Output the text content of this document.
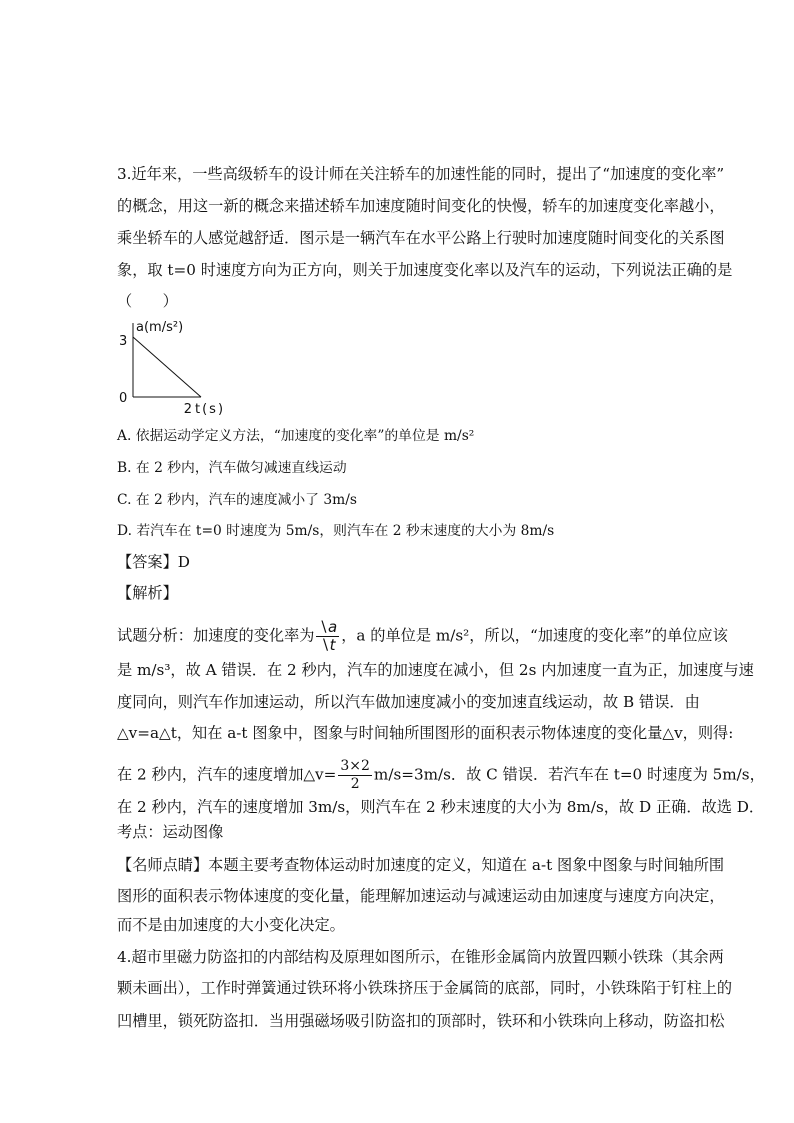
3.近年来，一些高级轿车的设计师在关注轿车的加速性能的同时，提出了“加速度的变化率”
的概念，用这一新的概念来描述轿车加速度随时间变化的快慢，轿车的加速度变化率越小，
乘坐轿车的人感觉越舒适．图示是一辆汽车在水平公路上行驶时加速度随时间变化的关系图
象，取 t=0 时速度方向为正方向，则关于加速度变化率以及汽车的运动，下列说法正确的是
（　　）
a(m/s²)
t(s)
3
0
2
A. 依据运动学定义方法，“加速度的变化率”的单位是 m/s²
B. 在 2 秒内，汽车做匀减速直线运动
C. 在 2 秒内，汽车的速度减小了 3m/s
D. 若汽车在 t=0 时速度为 5m/s，则汽车在 2 秒末速度的大小为 8m/s
【答案】D
【解析】
试题分析：加速度的变化率为 $\frac{∖a}{∖t}$ ，a 的单位是 m/s²，所以，“加速度的变化率”的单位应该
是 m/s³，故 A 错误．在 2 秒内，汽车的加速度在减小，但 2s 内加速度一直为正，加速度与速
度同向，则汽车作加速运动，所以汽车做加速度减小的变加速直线运动，故 B 错误．由
△v=a△t，知在 a-t 图象中，图象与时间轴所围图形的面积表示物体速度的变化量△v，则得:
在 2 秒内，汽车的速度增加△v= $\frac{3\times 2}{2} m/s=3m/s$．故 C 错误．若汽车在 t=0 时速度为 5m/s，
在 2 秒内，汽车的速度增加 3m/s，则汽车在 2 秒末速度的大小为 8m/s，故 D 正确．故选 D．
考点：运动图像
【名师点睛】本题主要考查物体运动时加速度的定义，知道在 a-t 图象中图象与时间轴所围
图形的面积表示物体速度的变化量，能理解加速运动与减速运动由加速度与速度方向决定，
而不是由加速度的大小变化决定。
4.超市里磁力防盗扣的内部结构及原理如图所示，在锥形金属筒内放置四颗小铁珠（其余两
颗未画出），工作时弹簧通过铁环将小铁珠挤压于金属筒的底部，同时，小铁珠陷于钉柱上的
凹槽里，锁死防盗扣．当用强磁场吸引防盗扣的顶部时，铁环和小铁珠向上移动，防盗扣松
